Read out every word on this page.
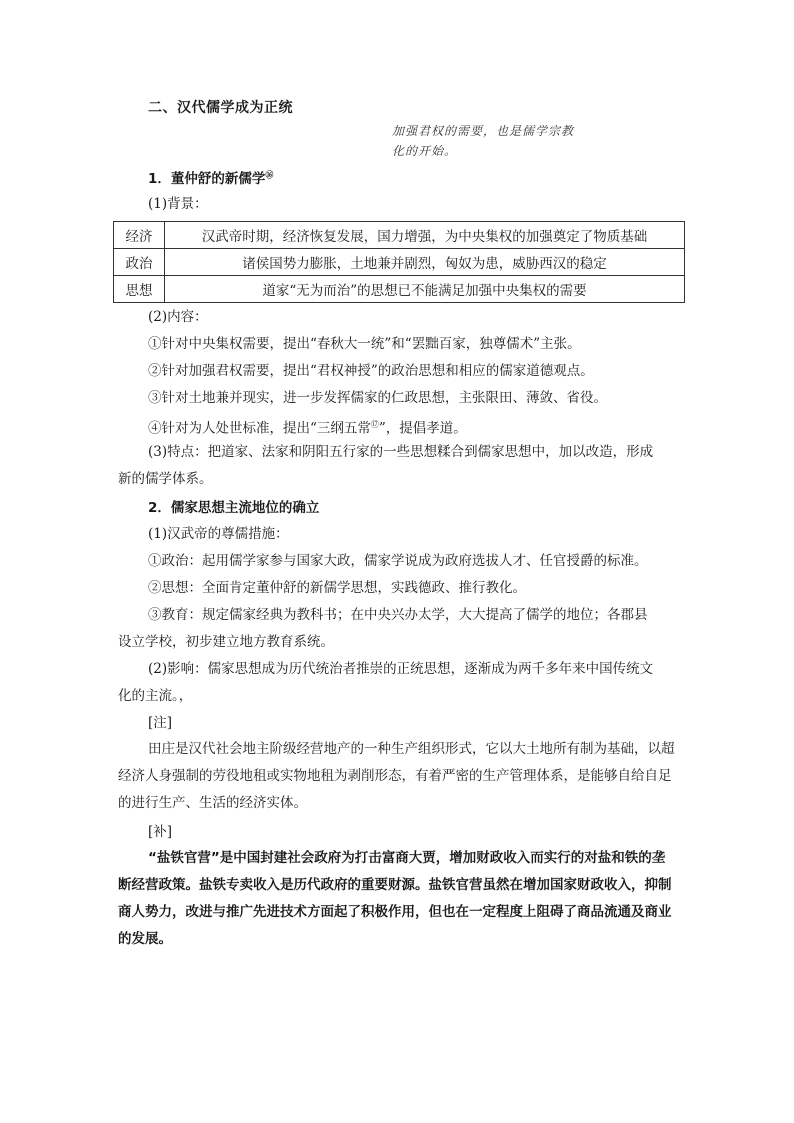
二、汉代儒学成为正统
加强君权的需要，也是儒学宗教
化的开始。
1．董仲舒的新儒学⑯
(1)背景：
经济	汉武帝时期，经济恢复发展，国力增强，为中央集权的加强奠定了物质基础
政治	诸侯国势力膨胀，土地兼并剧烈，匈奴为患，威胁西汉的稳定
思想	道家“无为而治”的思想已不能满足加强中央集权的需要
(2)内容：
①针对中央集权需要，提出“春秋大一统”和“罢黜百家，独尊儒术”主张。
②针对加强君权需要，提出“君权神授”的政治思想和相应的儒家道德观点。
③针对土地兼并现实，进一步发挥儒家的仁政思想，主张限田、薄敛、省役。
④针对为人处世标准，提出“三纲五常⑰”，提倡孝道。
(3)特点：把道家、法家和阴阳五行家的一些思想糅合到儒家思想中，加以改造，形成
新的儒学体系。
2．儒家思想主流地位的确立
(1)汉武帝的尊儒措施：
①政治：起用儒学家参与国家大政，儒家学说成为政府选拔人才、任官授爵的标准。
②思想：全面肯定董仲舒的新儒学思想，实践德政、推行教化。
③教育：规定儒家经典为教科书；在中央兴办太学，大大提高了儒学的地位；各郡县
设立学校，初步建立地方教育系统。
(2)影响：儒家思想成为历代统治者推崇的正统思想，逐渐成为两千多年来中国传统文
化的主流。，
[注]
田庄是汉代社会地主阶级经营地产的一种生产组织形式，它以大土地所有制为基础，以超经济人身强制的劳役地租或实物地租为剥削形态，有着严密的生产管理体系，是能够自给自足的进行生产、生活的经济实体。
[补]
“盐铁官营”是中国封建社会政府为打击富商大贾，增加财政收入而实行的对盐和铁的垄断经营政策。盐铁专卖收入是历代政府的重要财源。盐铁官营虽然在增加国家财政收入，抑制商人势力，改进与推广先进技术方面起了积极作用，但也在一定程度上阻碍了商品流通及商业的发展。
